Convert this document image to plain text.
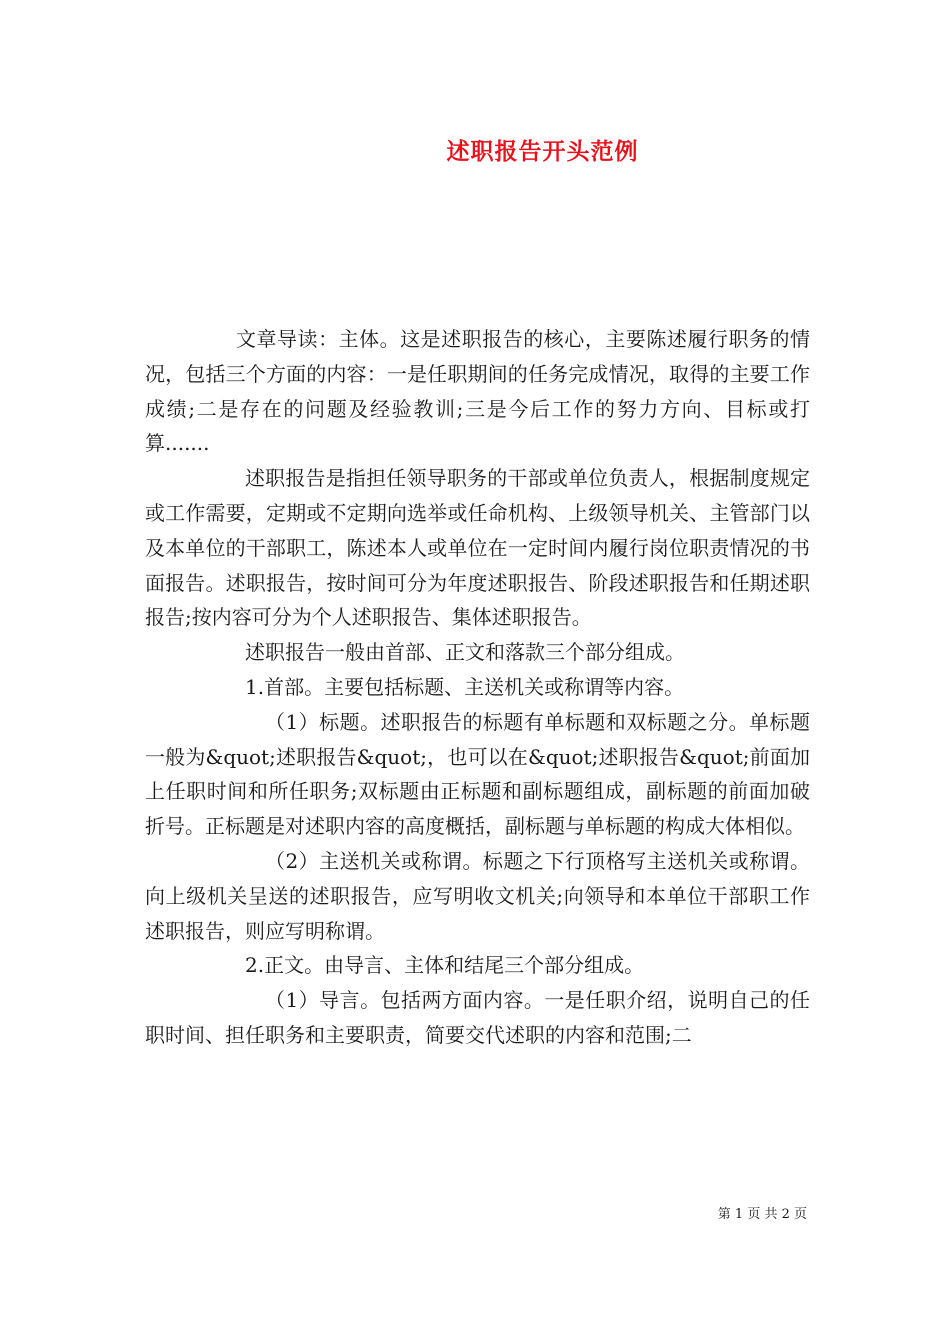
述职报告开头范例

文章导读：主体。这是述职报告的核心，主要陈述履行职务的情况，包括三个方面的内容：一是任职期间的任务完成情况，取得的主要工作成绩;二是存在的问题及经验教训;三是今后工作的努力方向、目标或打算.......

述职报告是指担任领导职务的干部或单位负责人，根据制度规定或工作需要，定期或不定期向选举或任命机构、上级领导机关、主管部门以及本单位的干部职工，陈述本人或单位在一定时间内履行岗位职责情况的书面报告。述职报告，按时间可分为年度述职报告、阶段述职报告和任期述职报告;按内容可分为个人述职报告、集体述职报告。

述职报告一般由首部、正文和落款三个部分组成。

1.首部。主要包括标题、主送机关或称谓等内容。

（1）标题。述职报告的标题有单标题和双标题之分。单标题一般为&quot;述职报告&quot;，也可以在&quot;述职报告&quot;前面加上任职时间和所任职务;双标题由正标题和副标题组成，副标题的前面加破折号。正标题是对述职内容的高度概括，副标题与单标题的构成大体相似。

（2）主送机关或称谓。标题之下行顶格写主送机关或称谓。向上级机关呈送的述职报告，应写明收文机关;向领导和本单位干部职工作述职报告，则应写明称谓。

2.正文。由导言、主体和结尾三个部分组成。

（1）导言。包括两方面内容。一是任职介绍，说明自己的任职时间、担任职务和主要职责，简要交代述职的内容和范围;二

第 1 页 共 2 页
